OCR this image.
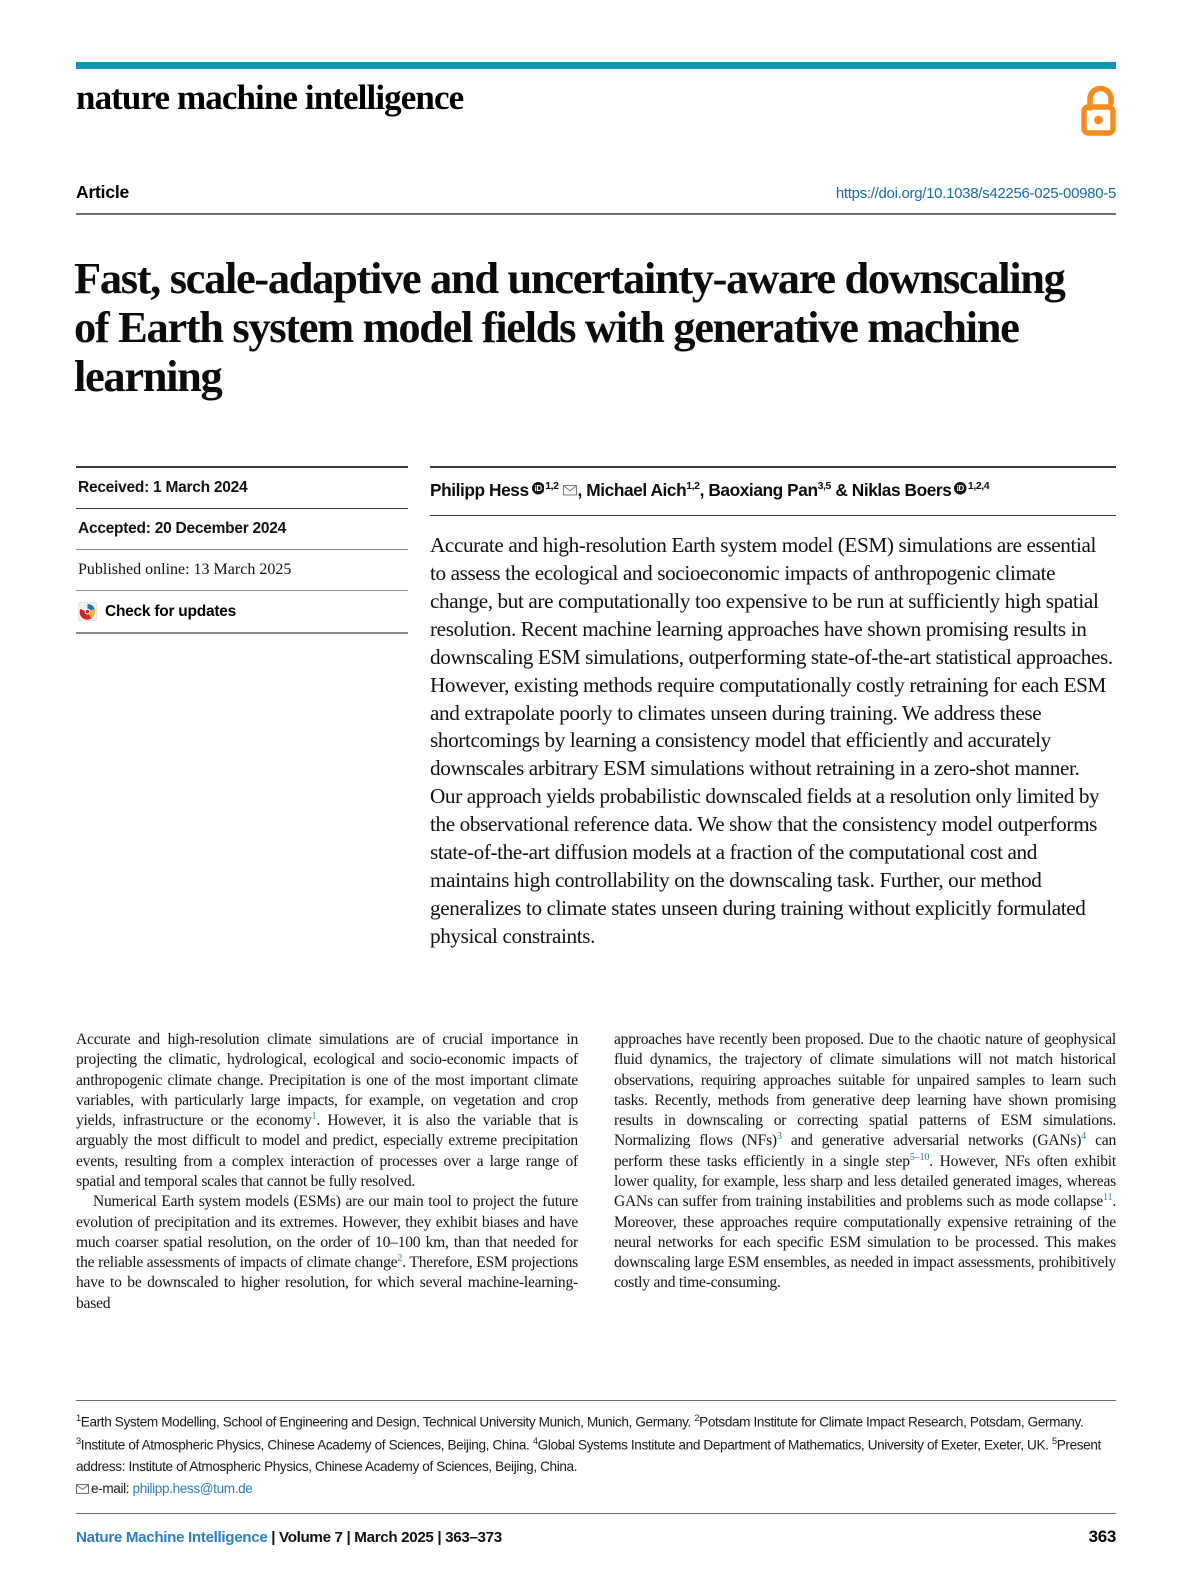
nature machine intelligence
Article	https://doi.org/10.1038/s42256-025-00980-5
Fast, scale-adaptive and uncertainty-aware downscaling of Earth system model fields with generative machine learning
Received: 1 March 2024
Accepted: 20 December 2024
Published online: 13 March 2025
Check for updates
Philipp Hess iD $^{1,2}$ , Michael Aich$^{1,2}$, Baoxiang Pan$^{3,5}$ & Niklas Boers iD $^{1,2,4}$
Accurate and high-resolution Earth system model (ESM) simulations are essential to assess the ecological and socioeconomic impacts of anthropogenic climate change, but are computationally too expensive to be run at sufficiently high spatial resolution. Recent machine learning approaches have shown promising results in downscaling ESM simulations, outperforming state-of-the-art statistical approaches. However, existing methods require computationally costly retraining for each ESM and extrapolate poorly to climates unseen during training. We address these shortcomings by learning a consistency model that efficiently and accurately downscales arbitrary ESM simulations without retraining in a zero-shot manner. Our approach yields probabilistic downscaled fields at a resolution only limited by the observational reference data. We show that the consistency model outperforms state-of-the-art diffusion models at a fraction of the computational cost and maintains high controllability on the downscaling task. Further, our method generalizes to climate states unseen during training without explicitly formulated physical constraints.

Accurate and high-resolution climate simulations are of crucial importance in projecting the climatic, hydrological, ecological and socio-economic impacts of anthropogenic climate change. Precipitation is one of the most important climate variables, with particularly large impacts, for example, on vegetation and crop yields, infrastructure or the economy$^1$. However, it is also the variable that is arguably the most difficult to model and predict, especially extreme precipitation events, resulting from a complex interaction of processes over a large range of spatial and temporal scales that cannot be fully resolved.

Numerical Earth system models (ESMs) are our main tool to project the future evolution of precipitation and its extremes. However, they exhibit biases and have much coarser spatial resolution, on the order of 10–100 km, than that needed for the reliable assessments of impacts of climate change$^2$. Therefore, ESM projections have to be downscaled to higher resolution, for which several machine-learning-based

approaches have recently been proposed. Due to the chaotic nature of geophysical fluid dynamics, the trajectory of climate simulations will not match historical observations, requiring approaches suitable for unpaired samples to learn such tasks. Recently, methods from generative deep learning have shown promising results in downscaling or correcting spatial patterns of ESM simulations. Normalizing flows (NFs)$^3$ and generative adversarial networks (GANs)$^4$ can perform these tasks efficiently in a single step$^{5-10}$. However, NFs often exhibit lower quality, for example, less sharp and less detailed generated images, whereas GANs can suffer from training instabilities and problems such as mode collapse$^{11}$. Moreover, these approaches require computationally expensive retraining of the neural networks for each specific ESM simulation to be processed. This makes downscaling large ESM ensembles, as needed in impact assessments, prohibitively costly and time-consuming.

$^1$Earth System Modelling, School of Engineering and Design, Technical University Munich, Munich, Germany. $^2$Potsdam Institute for Climate Impact Research, Potsdam, Germany. $^3$Institute of Atmospheric Physics, Chinese Academy of Sciences, Beijing, China. $^4$Global Systems Institute and Department of Mathematics, University of Exeter, Exeter, UK. $^5$Present address: Institute of Atmospheric Physics, Chinese Academy of Sciences, Beijing, China.
e-mail: philipp.hess@tum.de
Nature Machine Intelligence | Volume 7 | March 2025 | 363–373	363
